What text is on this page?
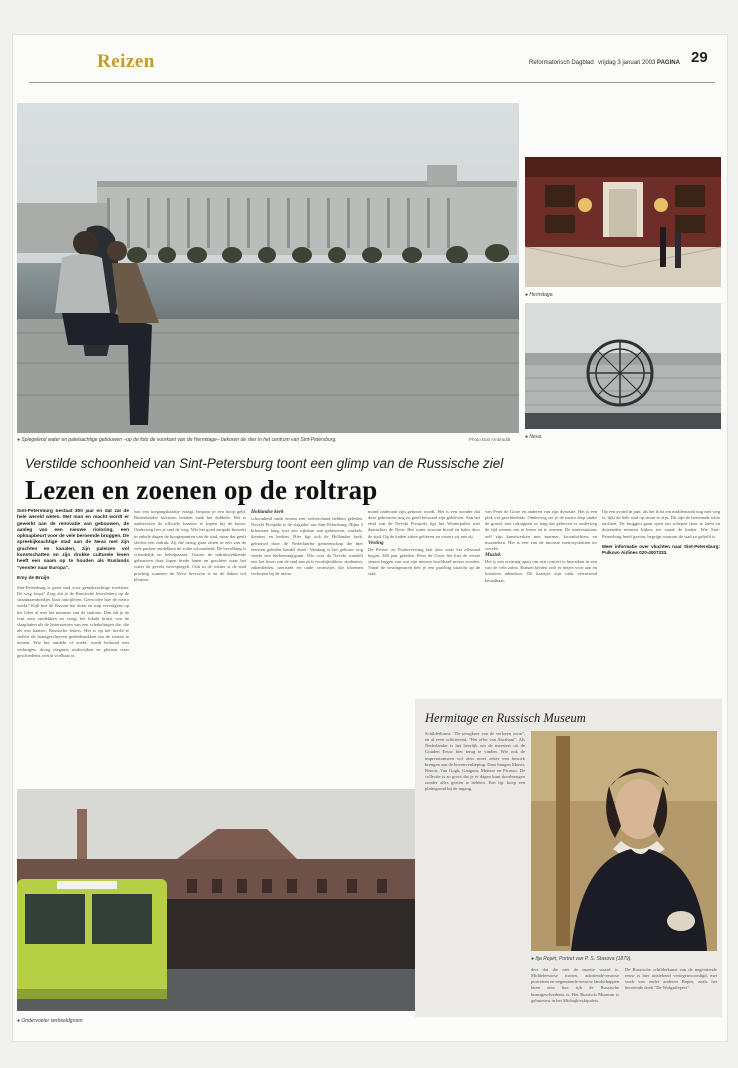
Reizen	Reformatorisch Dagblad vrijdag 3 januari 2003 PAGINA 29
● Spiegelend water en paleisachtige gebouwen –op de foto de voorkant van de Hermitage– bekoren de slier in het centrum van Sint-Petersburg.	Photo Bob Ambraddt
● Hermitage.
● Neva.
Verstilde schoonheid van Sint-Petersburg toont een glimp van de Russische ziel
Lezen en zoenen op de roltrap
Sint-Petersburg bestaat 300 jaar en dat zal de hele wereld weten. Met man en macht wordt er gewerkt aan de renovatie van gebouwen, de aanleg van een nieuwe rioloring, een opknapbeurt voor de vele beroemde bruggen. De spreekijksachtige stad aan de Neva met zijn grachten en kanalen, zijn paleizen vol kunstschatten en zijn drukke culturele leven heeft een naam op te houden als Ruslands "venster naar Europa".
Emy de Bruijn
Sint-Petersburg is geen stad voor gemakzuchtige toeristen. De weg loopt? Zorg dat je de Russische letterletters op de straatnaambordjes kunt ontcijferen. Geen idee hoe de metro werkt? Kijk hoe de Russen het doen en stap vervolgens op het loket af met het nummer van de stations. Dan zal je de fout zien ontdekken en voegt het lokale bruist van de slaaplatten als de lettertoetsen van een schakelingen die, die als een kaatser, Russische letters. Het is op het hoofd te stellen als handgeschreven gedenkstukken om de straten te nemen. Wie het ontdekt of zoekt, wordt beloond met verborgen, droog elegante stadswijken en pleinen waar geschiedenis overal voelbaar is.
van een toegangskaartje vraagt, bespaar je een hoop geld. Buitenlandse toeristen betalen vaak het dubbele. Het is aanbevolen de officiele kaarten te kopen bij de kassa. Onderweg leer je snel de weg. Wie het goed aanpakt bezoekt in enkele dagen de hoogtepunten van de stad, maar dat geeft slechts een indruk. Zij die rustig gaan zitten in een van de vele parken ontdekken de echte schoonheid. De bevolking is vriendelijk en behulpzaam. Tussen de indrukwekkende gebouwen door lopen brede lanen en grachten waar het water de gevels weerspiegelt. Ook in de winter is de stad prachtig wanneer de Neva bevroren is en de daken wit kleuren.
Hollandse kerk
schoonheid sinds enorm een verlieschand hebben geleden. Nevski Prospekt is de slagader van Sint-Petersburg. Bijna 5 kilometer lang, met een rijkdom aan gebouwen, winkels, theaters en kerken. Hier ligt ook de Hollandse kerk, gebouwd door de Nederlandse gemeenschap die hier eeuwen geleden handel dreef. Vandaag is het gebouw nog steeds een herkenningspunt. Wie over de Nevski wandelt ziet het leven van de stad aan zich voorbijtrekken: studenten, zakenlieden, toeristen en oude vrouwtjes die bloemen verkopen bij de metro.
mond onderaan zijn gebouw wordt. Het is een wonder dat deze gebouwen nog zo goed bewaard zijn gebleven. Aan het eind van de Nevski Prospekt ligt het Winterpaleis met daarachter de Neva. Het water stroomt breed en kalm door de stad. Op de kaden zitten gelieven en vissers zij aan zij.
Vesting
De Petrus- en Paulusvesting laat zien waar het allemaal begon, 300 jaar geleden. Peter de Grote liet hier de eerste stenen leggen van wat zijn nieuwe hoofdstad moest worden. Vanaf de vestingmuren heb je een prachtig uitzicht op de stad.
van Peter de Grote en anderen van zijn dynastie. Het is een plek vol geschiedenis. Onderweg zie je de metro diep onder de grond, met roltrappen zo lang dat gelieven er onderweg de tijd nemen om te lezen en te zoenen. De metrostations zelf zijn kunstwerken met marmer, kroonluchters en mozaieken. Het is een van de mooiste metrosystemen ter wereld.
Muziek
Het is een ervaring apart om een concert te bezoeken in een van de vele zalen. Russen kleden zich er netjes voor aan en luisteren ademloos. De kaartjes zijn vaak verrassend betaalbaar.
Op een avond in juni, als het licht om middernacht nog niet weg is, lijkt de hele stad op straat te zijn. Dit zijn de beroemde witte nachten. De bruggen gaan open om schepen door te laten en duizenden mensen kijken toe vanaf de kaden. Wie Sint-Petersburg heeft gezien, begrijpt waarom de stad zo geliefd is.
Meer informatie over vluchten naar Sint-Petersburg: Pulkovo Airlines 020-4007333.
● Ondervoeter verbeeldgroen.
Hermitage en Russisch Museum
Schilderkunst. "De terugkeer van de verloren zoon", en al even schitterend, "Het offer van Abraham". Als Nederlander is het heerlijk om de meesters uit de Gouden Eeuw hier terug te vinden. Wie ook de impressionisten wil zien moet zeker een bezoek brengen aan de bovenverdieping. Daar hangen Monet, Renoir, Van Gogh, Gauguin, Matisse en Picasso. De collectie is zo groot dat je er dagen kunt doorbrengen zonder alles gezien te hebben. Een tip: koop een plattegrond bij de ingang.
● Ilja Repin, Portret van P. S. Stasova (1879).
dert dat die niet de moeite waard is. Middeleeuwse iconen, achttiende-eeuwse portretten en negentiende-eeuwse landschappen laten zien hoe rijk de Russische kunstgeschiedenis is. Het Russisch Museum is gehuisvest in het Michajlovskipaleis.
De Russische schilderkunst van de negentiende eeuw is hier uitstekend vertegenwoordigd, met werk van onder anderen Repin, zoals het beroemde doek "De Wolgaslepers".
